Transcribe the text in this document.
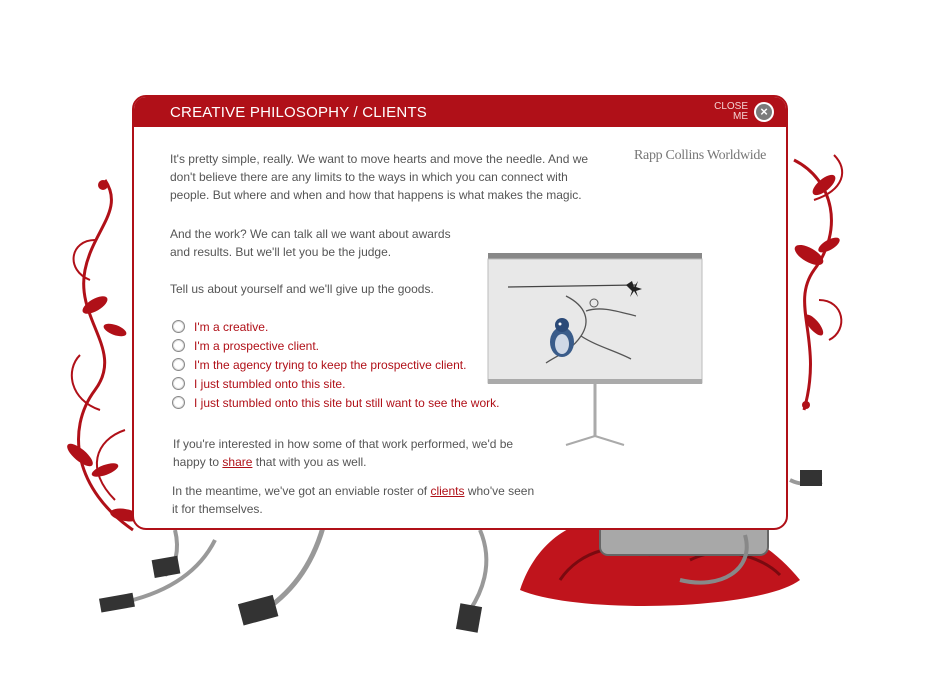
CREATIVE PHILOSOPHY / CLIENTS	CLOSE
ME ×
Rapp Collins Worldwide
It's pretty simple, really. We want to move hearts and move the needle. And we don't believe there are any limits to the ways in which you can connect with people. But where and when and how that happens is what makes the magic.
And the work? We can talk all we want about awards and results. But we'll let you be the judge.
Tell us about yourself and we'll give up the goods.
I'm a creative.
I'm a prospective client.
I'm the agency trying to keep the prospective client.
I just stumbled onto this site.
I just stumbled onto this site but still want to see the work.
If you're interested in how some of that work performed, we'd be happy to share that with you as well.
In the meantime, we've got an enviable roster of clients who've seen it for themselves.
